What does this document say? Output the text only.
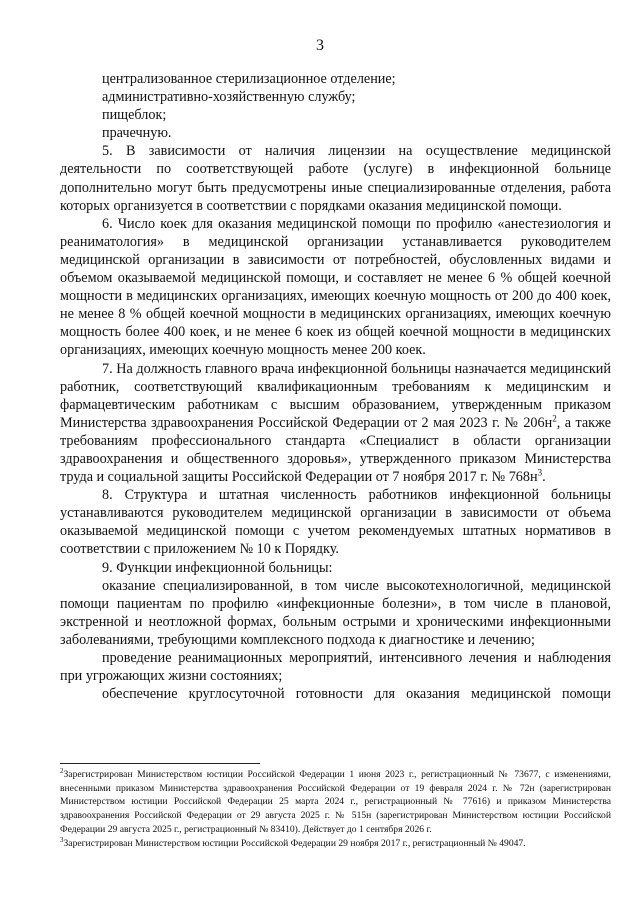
3

централизованное стерилизационное отделение;

административно-хозяйственную службу;

пищеблок;

прачечную.

5. В зависимости от наличия лицензии на осуществление медицинской деятельности по соответствующей работе (услуге) в инфекционной больнице дополнительно могут быть предусмотрены иные специализированные отделения, работа которых организуется в соответствии с порядками оказания медицинской помощи.

6. Число коек для оказания медицинской помощи по профилю «анестезиология и реаниматология» в медицинской организации устанавливается руководителем медицинской организации в зависимости от потребностей, обусловленных видами и объемом оказываемой медицинской помощи, и составляет не менее 6 % общей коечной мощности в медицинских организациях, имеющих коечную мощность от 200 до 400 коек, не менее 8 % общей коечной мощности в медицинских организациях, имеющих коечную мощность более 400 коек, и не менее 6 коек из общей коечной мощности в медицинских организациях, имеющих коечную мощность менее 200 коек.

7. На должность главного врача инфекционной больницы назначается медицинский работник, соответствующий квалификационным требованиям к медицинским и фармацевтическим работникам с высшим образованием, утвержденным приказом Министерства здравоохранения Российской Федерации от 2 мая 2023 г. № $206н^2$, а также требованиям профессионального стандарта «Специалист в области организации здравоохранения и общественного здоровья», утвержденного приказом Министерства труда и социальной защиты Российской Федерации от 7 ноября 2017 г. № $768н^3$.

8. Структура и штатная численность работников инфекционной больницы устанавливаются руководителем медицинской организации в зависимости от объема оказываемой медицинской помощи с учетом рекомендуемых штатных нормативов в соответствии с приложением № 10 к Порядку.

9. Функции инфекционной больницы:

оказание специализированной, в том числе высокотехнологичной, медицинской помощи пациентам по профилю «инфекционные болезни», в том числе в плановой, экстренной и неотложной формах, больным острыми и хроническими инфекционными заболеваниями, требующими комплексного подхода к диагностике и лечению;

проведение реанимационных мероприятий, интенсивного лечения и наблюдения при угрожающих жизни состояниях;

обеспечение круглосуточной готовности для оказания медицинской помощи

$^2$Зарегистрирован Министерством юстиции Российской Федерации 1 июня 2023 г., регистрационный № 73677, с изменениями, внесенными приказом Министерства здравоохранения Российской Федерации от 19 февраля 2024 г. № 72н (зарегистрирован Министерством юстиции Российской Федерации 25 марта 2024 г., регистрационный № 77616) и приказом Министерства здравоохранения Российской Федерации от 29 августа 2025 г. № 515н (зарегистрирован Министерством юстиции Российской Федерации 29 августа 2025 г., регистрационный № 83410). Действует до 1 сентября 2026 г.

$^3$Зарегистрирован Министерством юстиции Российской Федерации 29 ноября 2017 г., регистрационный № 49047.
